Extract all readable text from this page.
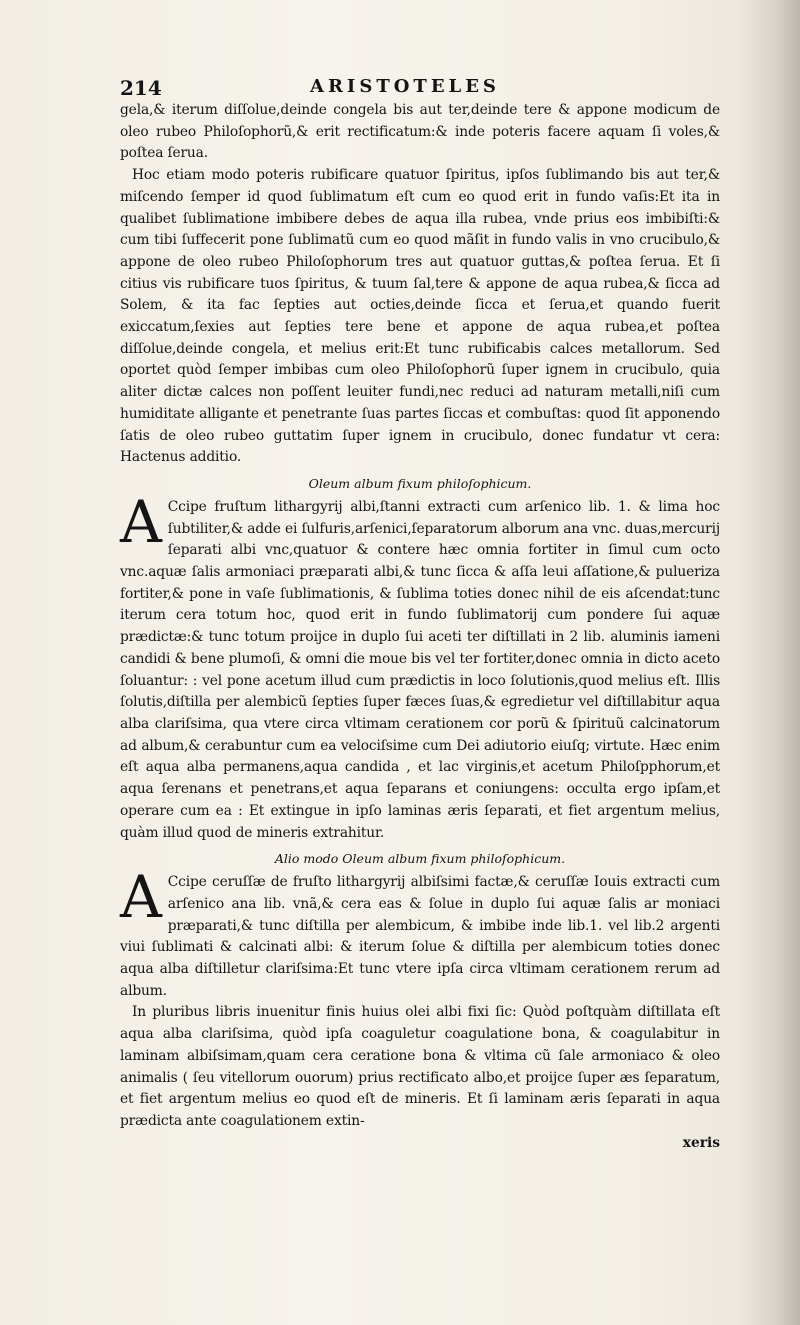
214	ARISTOTELES

gela,& iterum diſſolue,deinde congela bis aut ter,deinde tere & appone modicum de oleo rubeo Philoſophorũ,& erit rectificatum:& inde poteris facere aquam ſi voles,& poſtea ſerua.

Hoc etiam modo poteris rubificare quatuor ſpiritus, ipſos ſublimando bis aut ter,& miſcendo ſemper id quod ſublimatum eſt cum eo quod erit in fundo vaſis:Et ita in qualibet ſublimatione imbibere debes de aqua illa rubea, vnde prius eos imbibiſti:& cum tibi ſuffecerit pone ſublimatũ cum eo quod mãſit in fundo valis in vno crucibulo,& appone de oleo rubeo Philoſophorum tres aut quatuor guttas,& poſtea ſerua. Et ſi citius vis rubificare tuos ſpiritus, & tuum ſal,tere & appone de aqua rubea,& ſicca ad Solem, & ita fac ſepties aut octies,deinde ſicca et ſerua,et quando fuerit exiccatum,ſexies aut ſepties tere bene et appone de aqua rubea,et poſtea diſſolue,deinde congela, et melius erit:Et tunc rubificabis calces metallorum. Sed oportet quòd ſemper imbibas cum oleo Philoſophorũ ſuper ignem in crucibulo, quia aliter dictæ calces non poſſent leuiter fundi,nec reduci ad naturam metalli,niſi cum humiditate alligante et penetrante ſuas partes ſiccas et combuſtas: quod ſit apponendo ſatis de oleo rubeo guttatim ſuper ignem in crucibulo, donec fundatur vt cera: Hactenus additio.

Oleum album fixum philoſophicum.

A Ccipe fruſtum lithargyrij albi,ſtanni extracti cum arſenico lib. 1. & lima hoc ſubtiliter,& adde ei ſulfuris,arſenici,ſeparatorum alborum ana vnc. duas,mercurij ſeparati albi vnc,quatuor & contere hæc omnia fortiter in ſimul cum octo vnc.aquæ ſalis armoniaci præparati albi,& tunc ſicca & aſſa leui aſſatione,& pulueriza fortiter,& pone in vaſe ſublimationis, & ſublima toties donec nihil de eis aſcendat:tunc iterum cera totum hoc, quod erit in fundo ſublimatorij cum pondere ſui aquæ prædictæ:& tunc totum proijce in duplo ſui aceti ter diſtillati in 2 lib. aluminis iameni candidi & bene plumoſi, & omni die moue bis vel ter fortiter,donec omnia in dicto aceto ſoluantur: : vel pone acetum illud cum prædictis in loco ſolutionis,quod melius eſt. Illis ſolutis,diſtilla per alembicũ ſepties ſuper fæces ſuas,& egredietur vel diſtillabitur aqua alba clariſsima, qua vtere circa vltimam cerationem cor porũ & ſpirituũ calcinatorum ad album,& cerabuntur cum ea velociſsime cum Dei adiutorio eiuſq; virtute. Hæc enim eſt aqua alba permanens,aqua candida , et lac virginis,et acetum Philoſpphorum,et aqua ſerenans et penetrans,et aqua ſeparans et coniungens: occulta ergo ipſam,et operare cum ea : Et extingue in ipſo laminas æris ſeparati, et fiet argentum melius, quàm illud quod de mineris extrahitur.

Alio modo Oleum album fixum philoſophicum.

A Ccipe ceruſſæ de fruſto lithargyrij albiſsimi factæ,& ceruſſæ Iouis extracti cum arſenico ana lib. vnã,& cera eas & ſolue in duplo ſui aquæ ſalis ar moniaci præparati,& tunc diſtilla per alembicum, & imbibe inde lib.1. vel lib.2 argenti viui ſublimati & calcinati albi: & iterum ſolue & diſtilla per alembicum toties donec aqua alba diſtilletur clariſsima:Et tunc vtere ipſa circa vltimam cerationem rerum ad album.

In pluribus libris inuenitur finis huius olei albi fixi ſic: Quòd poſtquàm diſtillata eſt aqua alba clariſsima, quòd ipſa coaguletur coagulatione bona, & coagulabitur in laminam albiſsimam,quam cera ceratione bona & vltima cũ ſale armoniaco & oleo animalis ( ſeu vitellorum ouorum) prius rectificato albo,et proijce ſuper æs ſeparatum, et fiet argentum melius eo quod eſt de mineris. Et ſi laminam æris ſeparati in aqua prædicta ante coagulationem extin-

xeris
